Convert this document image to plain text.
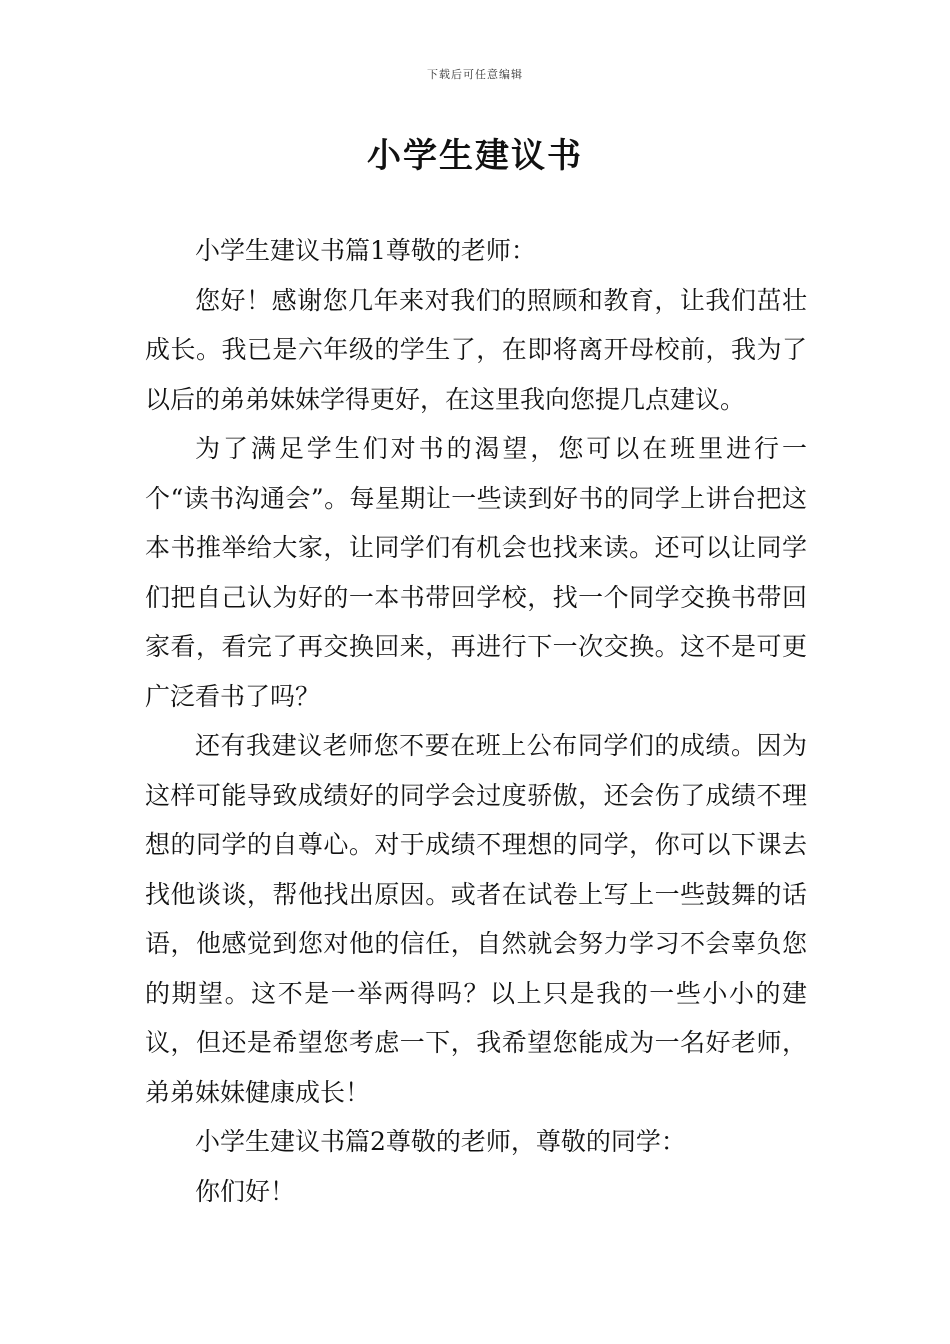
下载后可任意编辑
小学生建议书

小学生建议书篇1尊敬的老师：

您好！感谢您几年来对我们的照顾和教育，让我们茁壮成长。我已是六年级的学生了，在即将离开母校前，我为了以后的弟弟妹妹学得更好，在这里我向您提几点建议。

为了满足学生们对书的渴望，您可以在班里进行一个“读书沟通会”。每星期让一些读到好书的同学上讲台把这本书推举给大家，让同学们有机会也找来读。还可以让同学们把自己认为好的一本书带回学校，找一个同学交换书带回家看，看完了再交换回来，再进行下一次交换。这不是可更广泛看书了吗？

还有我建议老师您不要在班上公布同学们的成绩。因为这样可能导致成绩好的同学会过度骄傲，还会伤了成绩不理想的同学的自尊心。对于成绩不理想的同学，你可以下课去找他谈谈，帮他找出原因。或者在试卷上写上一些鼓舞的话语，他感觉到您对他的信任，自然就会努力学习不会辜负您的期望。这不是一举两得吗？以上只是我的一些小小的建议，但还是希望您考虑一下，我希望您能成为一名好老师，弟弟妹妹健康成长！

小学生建议书篇2尊敬的老师，尊敬的同学：

你们好！
